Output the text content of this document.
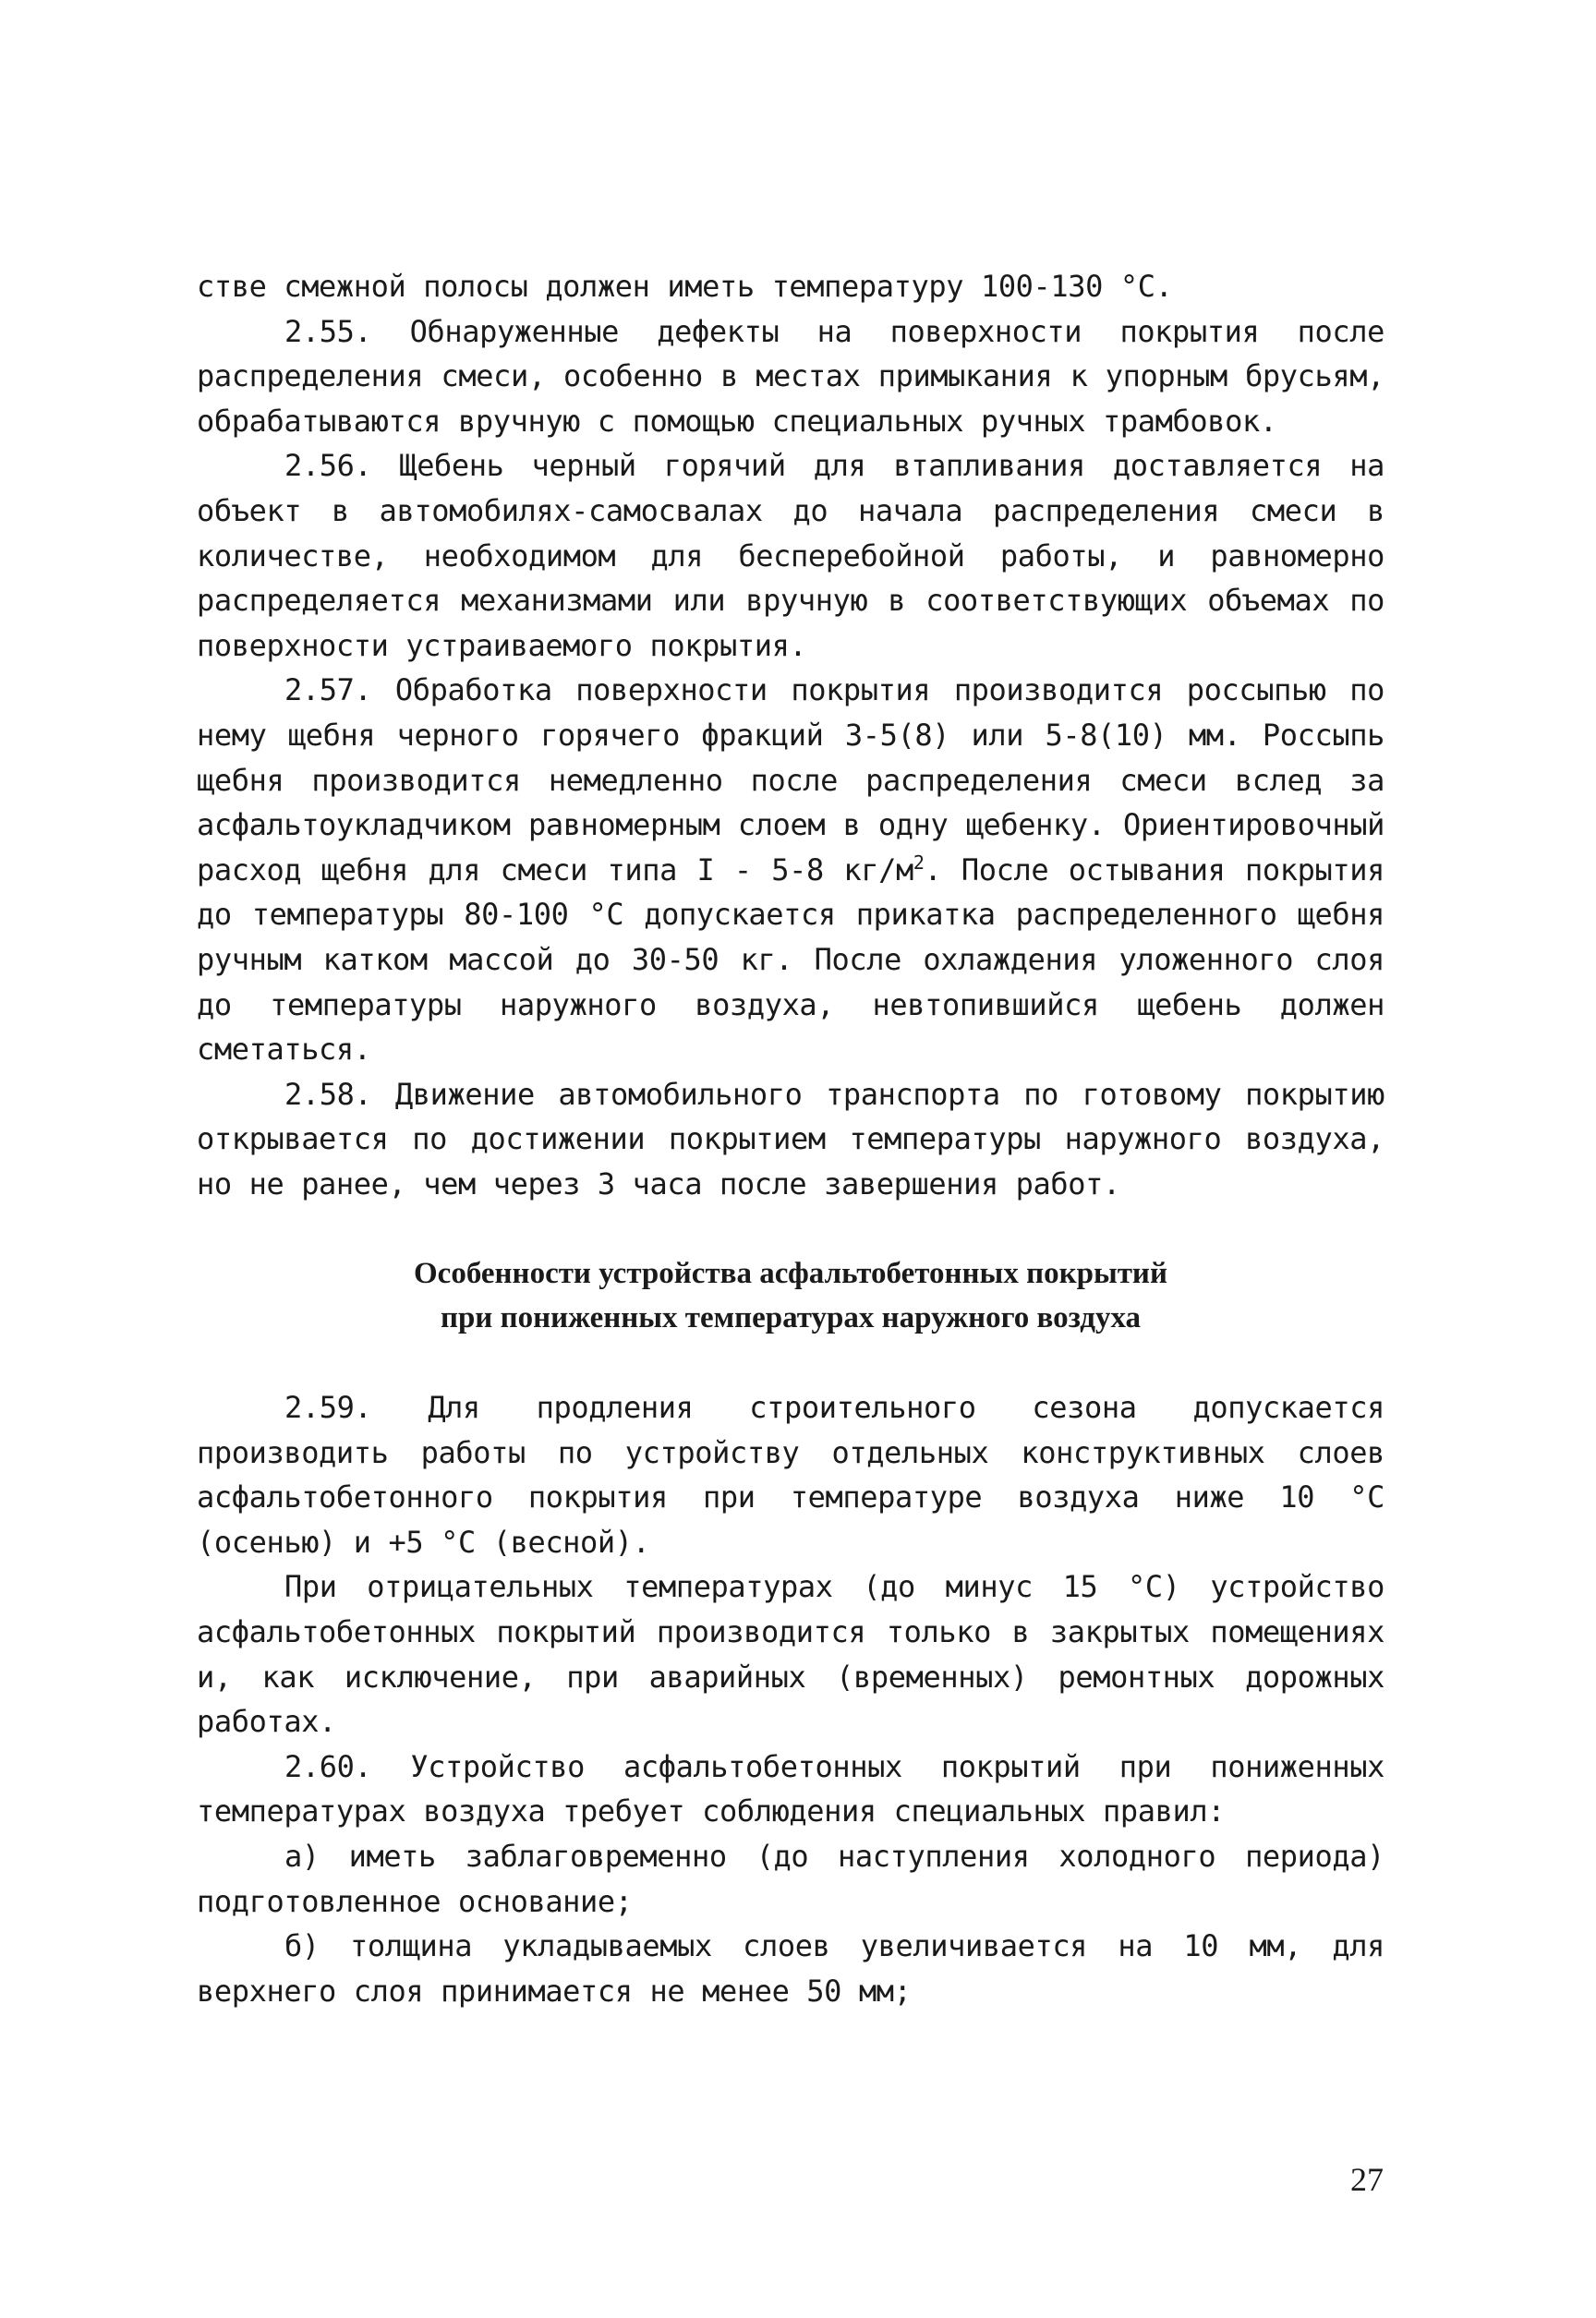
стве смежной полосы должен иметь температуру 100-130 °С.

2.55. Обнаруженные дефекты на поверхности покрытия после распределения смеси, особенно в местах примыкания к упорным брусьям, обрабатываются вручную с помощью специальных ручных трамбовок.

2.56. Щебень черный горячий для втапливания доставляется на объект в автомобилях-самосвалах до начала распределения смеси в количестве, необходимом для бесперебойной работы, и равномерно распределяется механизмами или вручную в соответствующих объемах по поверхности устраиваемого покрытия.

2.57. Обработка поверхности покрытия производится россыпью по нему щебня черного горячего фракций 3-5(8) или 5-8(10) мм. Россыпь щебня производится немедленно после распределения смеси вслед за асфальтоукладчиком равномерным слоем в одну щебенку. Ориентировочный расход щебня для смеси типа I - 5-8 $кг/м^2$. После остывания покрытия до температуры 80-100 °С допускается прикатка распределенного щебня ручным катком массой до 30-50 кг. После охлаждения уложенного слоя до температуры наружного воздуха, невтопившийся щебень должен сметаться.

2.58. Движение автомобильного транспорта по готовому покрытию открывается по достижении покрытием температуры наружного воздуха, но не ранее, чем через 3 часа после завершения работ.

Особенности устройства асфальтобетонных покрытий
при пониженных температурах наружного воздуха

2.59. Для продления строительного сезона допускается производить работы по устройству отдельных конструктивных слоев асфальтобетонного покрытия при температуре воздуха ниже 10 °С (осенью) и +5 °С (весной).

При отрицательных температурах (до минус 15 °С) устройство асфальтобетонных покрытий производится только в закрытых помещениях и, как исключение, при аварийных (временных) ремонтных дорожных работах.

2.60. Устройство асфальтобетонных покрытий при пониженных температурах воздуха требует соблюдения специальных правил:

а) иметь заблаговременно (до наступления холодного периода) подготовленное основание;

б) толщина укладываемых слоев увеличивается на 10 мм, для верхнего слоя принимается не менее 50 мм;

27
